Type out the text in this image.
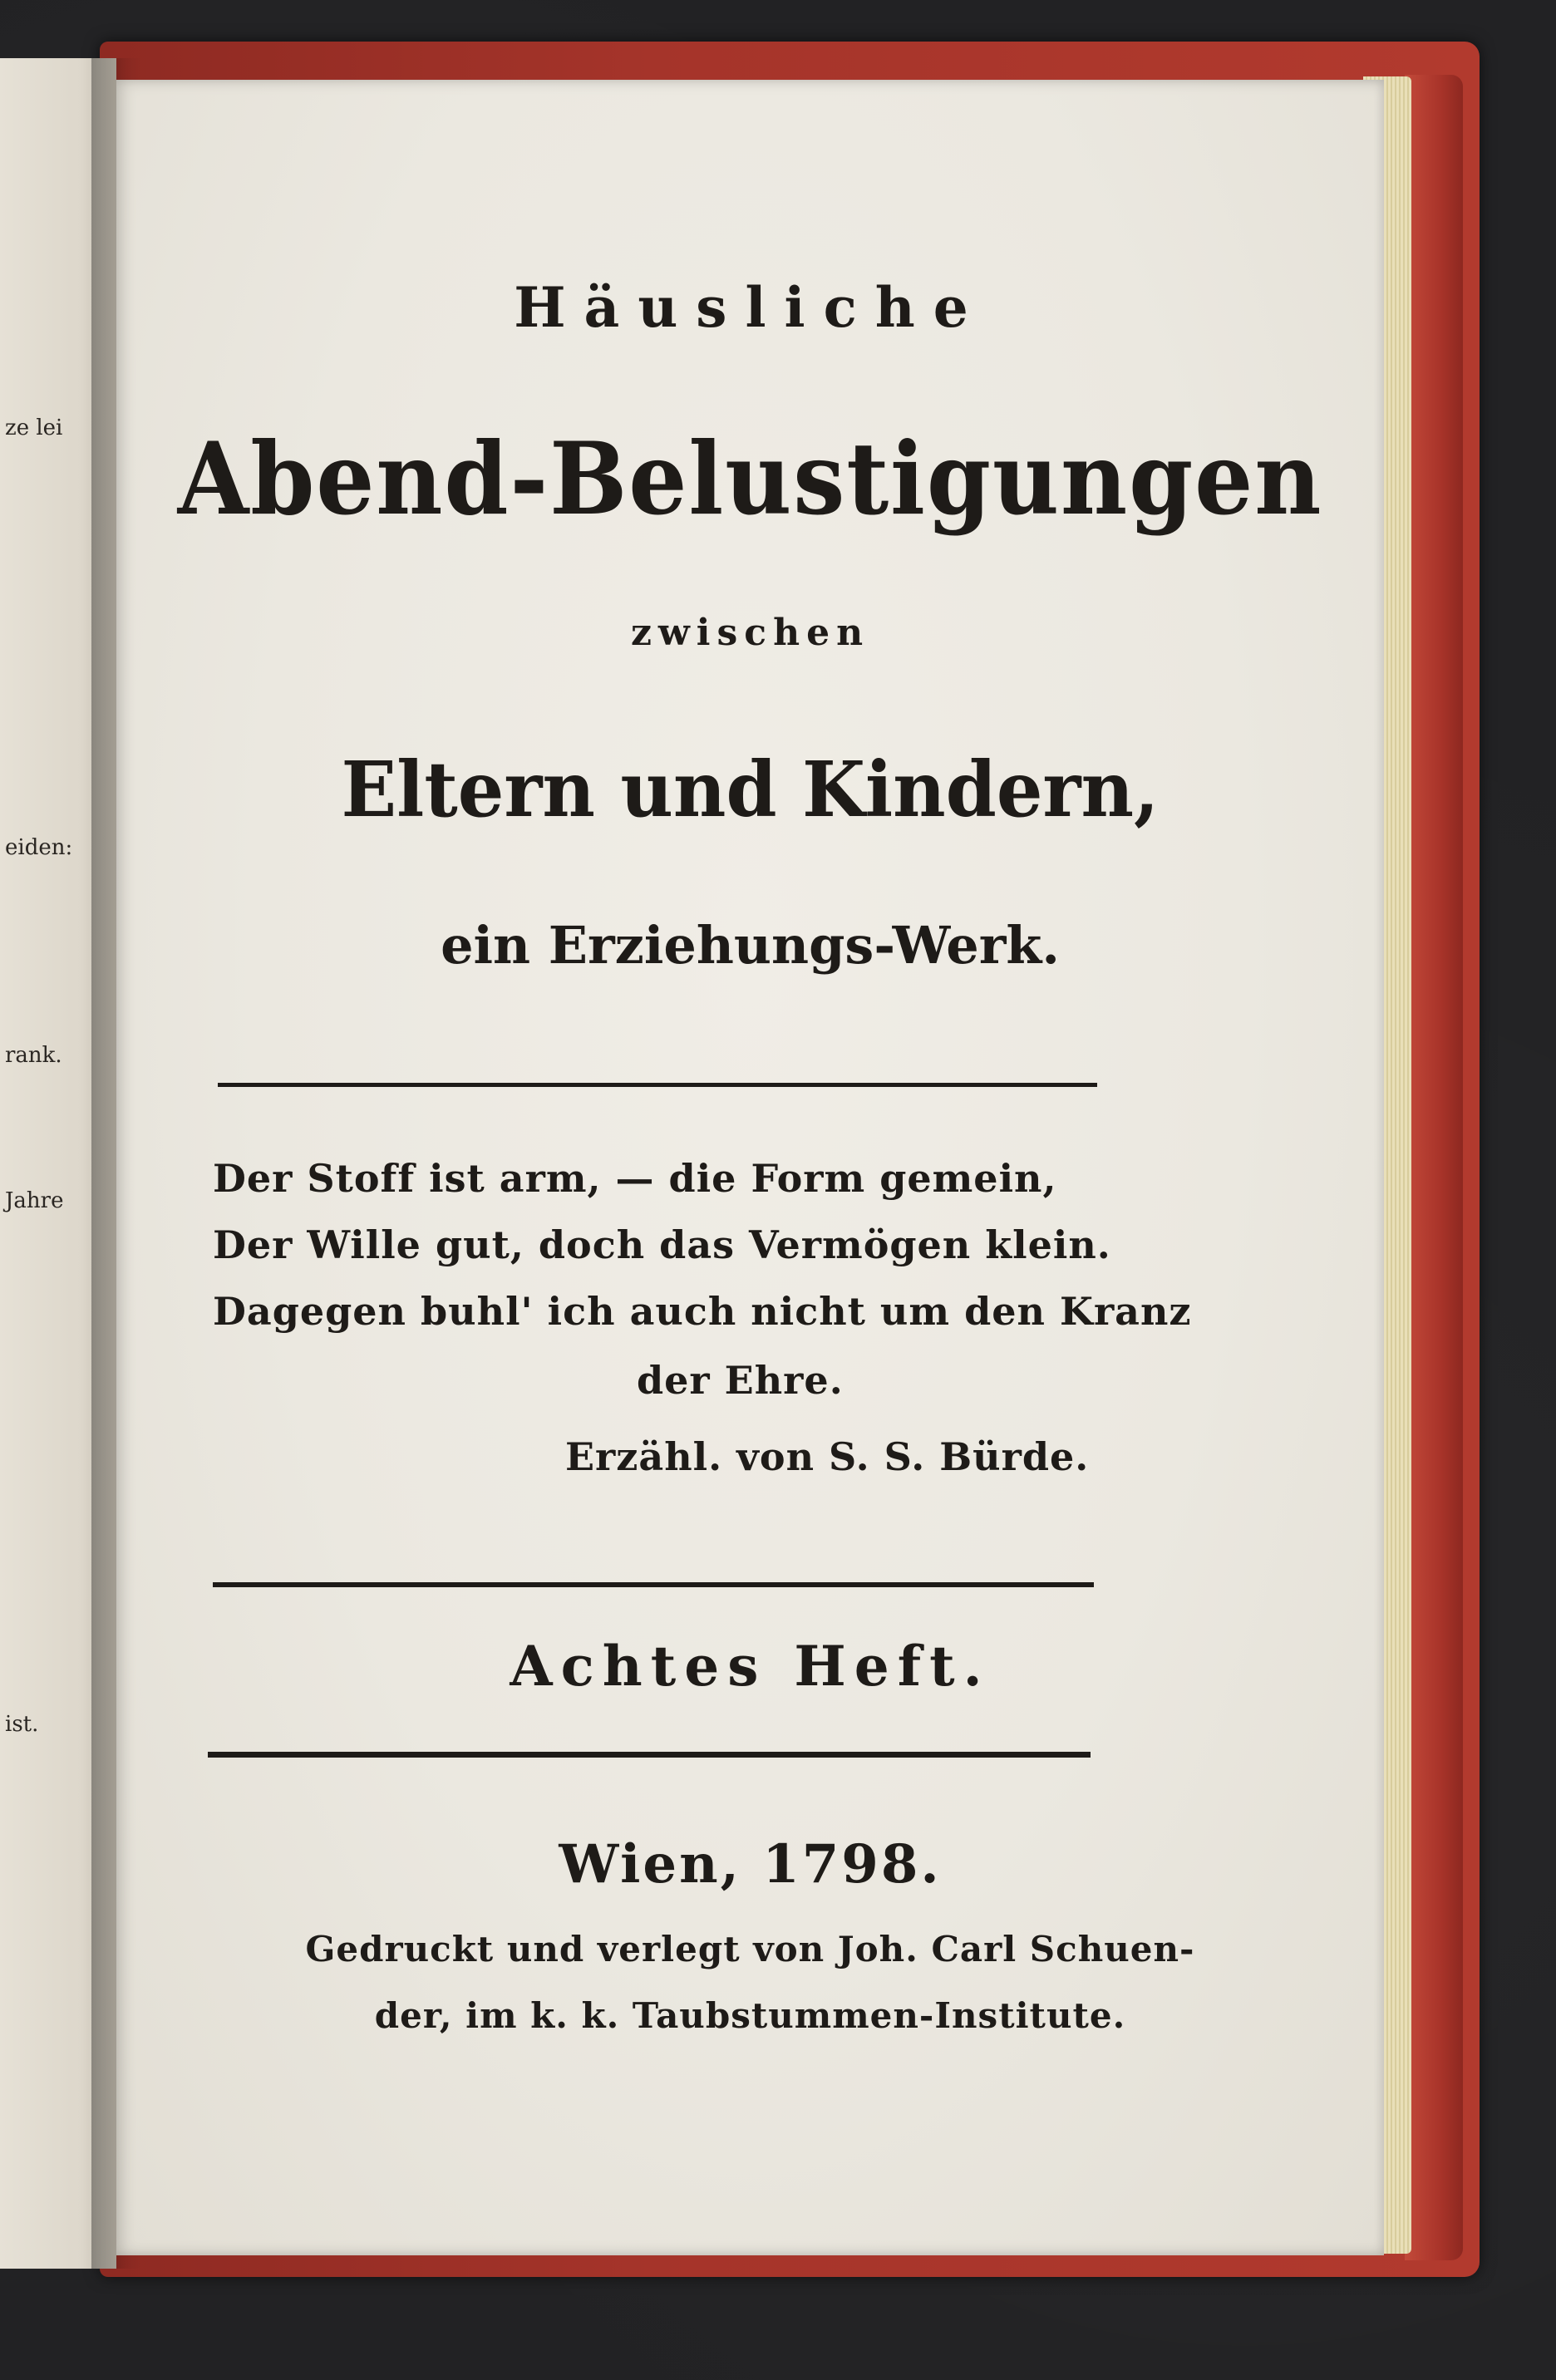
ze lei
eiden:
rank.
Jahre
ist.

Häusliche

Abend-Belustigungen

zwischen

Eltern und Kindern,

ein Erziehungs-Werk.

Der Stoff ist arm, — die Form gemein,

Der Wille gut, doch das Vermögen klein.

Dagegen buhl' ich auch nicht um den Kranz

der Ehre.

Erzähl. von S. S. Bürde.

Achtes Heft.

Wien, 1798.

Gedruckt und verlegt von Joh. Carl Schuen-

der, im k. k. Taubstummen-Institute.
